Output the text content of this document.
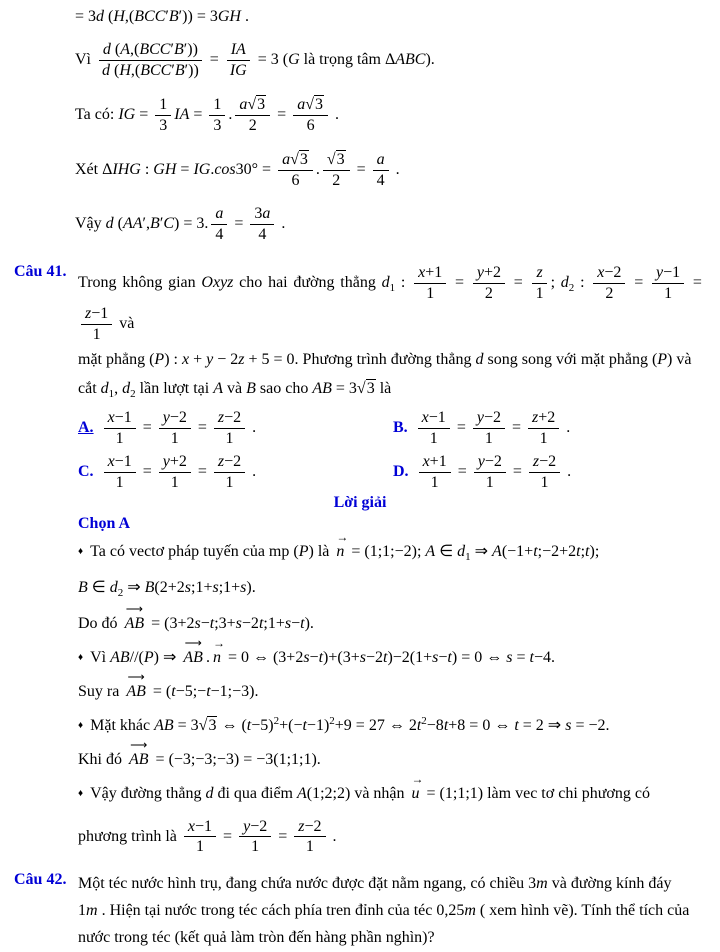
= 3d (H,(BCC′B′)) = 3GH .
Vì $\frac{\text{d (A,(BCC′B′))}}{\text{d (H,(BCC′B′))}} = \frac{IA}{IG} = 3$ (G là trọng tâm ΔABC).
Ta có: IG = $\frac{1}{3}$ IA = $\frac{1}{3}$ . $\frac{a√3}{2} = \frac{a√3}{6}$ .
Xét ΔIHG : GH = $IG.\cos 30^\circ = \frac{a√3}{6}$ . $\frac{√3}{2} = \frac{a}{4}$ .
Vậy d (AA′,B′C) = 3. $\frac{a}{4} = \frac{3a}{4}$ .
Câu 41.
Trong không gian Oxyz cho hai đường thẳng $d_1$ : $\frac{x+1}{1} = \frac{y+2}{2} = \frac{z}{1}$ ; $d_2$ : $\frac{x-2}{2} = \frac{y-1}{1}$ =
$\frac{z-1}{1}$ và
mặt phẳng (P) : x + y − 2z + 5 = 0. Phương trình đường thẳng d song song với mặt phẳng (P) và
cắt $d_1$, $d_2$ lần lượt tại A và B sao cho AB = 3√3 là
A. $\frac{x-1}{1} = \frac{y-2}{1} = \frac{z-2}{1}$ .	B. $\frac{x-1}{1} = \frac{y-2}{1} = \frac{z+2}{1}$ .
C. $\frac{x-1}{1} = \frac{y+2}{1} = \frac{z-2}{1}$ .	D. $\frac{x+1}{1} = \frac{y-2}{1} = \frac{z-2}{1}$ .
Lời giải
Chọn A
♦ Ta có vectơ pháp tuyến của mp (P) là
→
n = (1;1;−2); A ∈ $d_1$ ⇒ A(−1+t;−2+2t;t);
B ∈ $d_2$ ⇒ B(2+2s;1+s;1+s).
Do đó
⟶
AB = (3+2s−t;3+s−2t;1+s−t).
♦ Vì AB//(P) ⇒
⟶
AB .
→
n = 0 ⇔ (3+2s−t)+(3+s−2t)−2(1+s−t) = 0 ⇔ s = t−4.
Suy ra
⟶
AB = (t−5;−t−1;−3).
♦ Mặt khác AB = 3√3 ⇔ $(t-5)^2+(-t-1)^2+9 = 27$ ⇔ $2t^2-8t+8 = 0$ ⇔ t = 2 ⇒ s = −2.
Khi đó
⟶
AB = (−3;−3;−3) = −3(1;1;1).
♦ Vậy đường thẳng d đi qua điểm A(1;2;2) và nhận
→
u = (1;1;1) làm vec tơ chi phương có
phương trình là $\frac{x-1}{1} = \frac{y-2}{1} = \frac{z-2}{1}$ .
Câu 42. Một téc nước hình trụ, đang chứa nước được đặt nằm ngang, có chiều 3m và đường kính đáy
1m . Hiện tại nước trong téc cách phía tren đỉnh của téc 0,25m ( xem hình vẽ). Tính thể tích của
nước trong téc (kết quả làm tròn đến hàng phần nghìn)?
